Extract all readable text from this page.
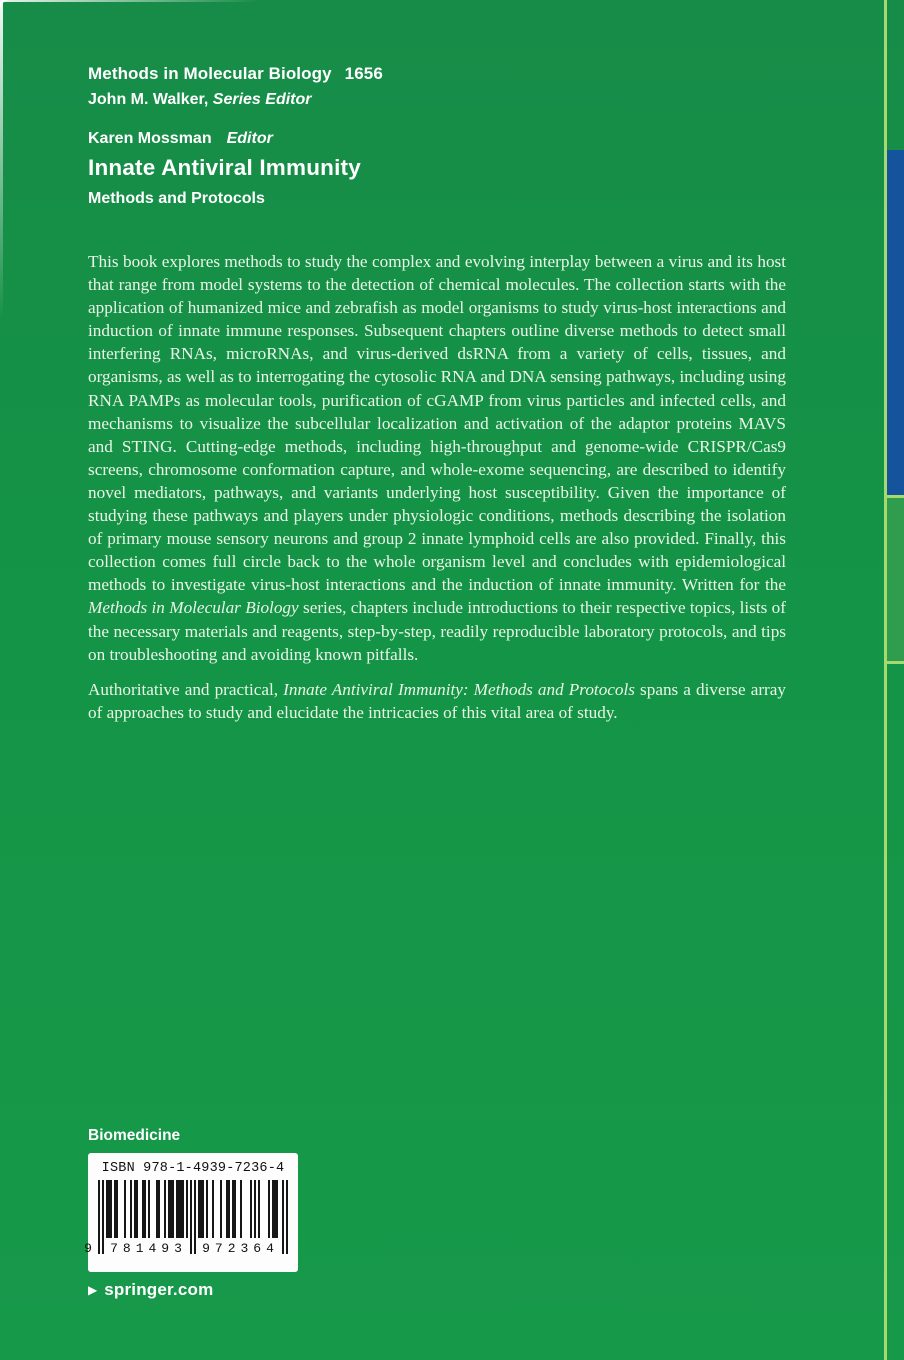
Methods in Molecular Biology 1656
John M. Walker, Series Editor
Karen Mossman Editor
Innate Antiviral Immunity
Methods and Protocols

This book explores methods to study the complex and evolving interplay between a virus and its host that range from model systems to the detection of chemical molecules. The collection starts with the application of humanized mice and zebrafish as model organisms to study virus-host interactions and induction of innate immune responses. Subsequent chapters outline diverse methods to detect small interfering RNAs, microRNAs, and virus-derived dsRNA from a variety of cells, tissues, and organisms, as well as to interrogating the cytosolic RNA and DNA sensing pathways, including using RNA PAMPs as molecular tools, purification of cGAMP from virus particles and infected cells, and mechanisms to visualize the subcellular localization and activation of the adaptor proteins MAVS and STING. Cutting-edge methods, including high-throughput and genome-wide CRISPR/Cas9 screens, chromosome conformation capture, and whole-exome sequencing, are described to identify novel mediators, pathways, and variants underlying host susceptibility. Given the importance of studying these pathways and players under physiologic conditions, methods describing the isolation of primary mouse sensory neurons and group 2 innate lymphoid cells are also provided. Finally, this collection comes full circle back to the whole organism level and concludes with epidemiological methods to investigate virus-host interactions and the induction of innate immunity. Written for the Methods in Molecular Biology series, chapters include introductions to their respective topics, lists of the necessary materials and reagents, step-by-step, readily reproducible laboratory protocols, and tips on troubleshooting and avoiding known pitfalls.

Authoritative and practical, Innate Antiviral Immunity: Methods and Protocols spans a diverse array of approaches to study and elucidate the intricacies of this vital area of study.

Biomedicine
ISBN 978-1-4939-7236-4
9	781493	972364
▶ springer.com
